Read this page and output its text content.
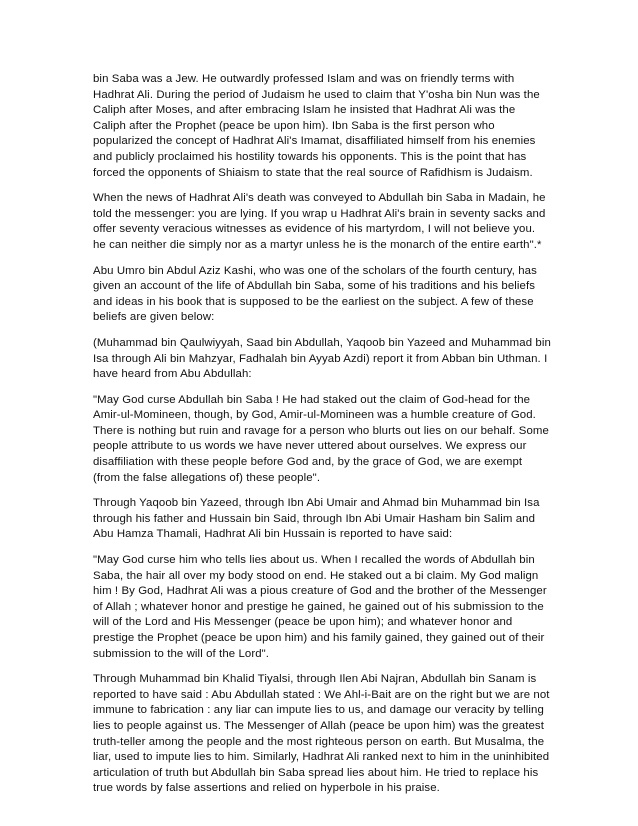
bin Saba was a Jew. He outwardly professed Islam and was on friendly terms with Hadhrat Ali. During the period of Judaism he used to claim that Y'osha bin Nun was the Caliph after Moses, and after embracing Islam he insisted that Hadhrat Ali was the Caliph after the Prophet (peace be upon him). Ibn Saba is the first person who popularized the concept of Hadhrat Ali's Imamat, disaffiliated himself from his enemies and publicly proclaimed his hostility towards his opponents. This is the point that has forced the opponents of Shiaism to state that the real source of Rafidhism is Judaism.

When the news of Hadhrat Ali's death was conveyed to Abdullah bin Saba in Madain, he told the messenger: you are lying. If you wrap u Hadhrat Ali's brain in seventy sacks and offer seventy veracious witnesses as evidence of his martyrdom, I will not believe you. he can neither die simply nor as a martyr unless he is the monarch of the entire earth".*

Abu Umro bin Abdul Aziz Kashi, who was one of the scholars of the fourth century, has given an account of the life of Abdullah bin Saba, some of his traditions and his beliefs and ideas in his book that is supposed to be the earliest on the subject. A few of these beliefs are given below:

(Muhammad bin Qaulwiyyah, Saad bin Abdullah, Yaqoob bin Yazeed and Muhammad bin Isa through Ali bin Mahzyar, Fadhalah bin Ayyab Azdi) report it from Abban bin Uthman. I have heard from Abu Abdullah:

"May God curse Abdullah bin Saba ! He had staked out the claim of God-head for the Amir-ul-Momineen, though, by God, Amir-ul-Momineen was a humble creature of God. There is nothing but ruin and ravage for a person who blurts out lies on our behalf. Some people attribute to us words we have never uttered about ourselves. We express our disaffiliation with these people before God and, by the grace of God, we are exempt (from the false allegations of) these people".

Through Yaqoob bin Yazeed, through Ibn Abi Umair and Ahmad bin Muhammad bin Isa through his father and Hussain bin Said, through Ibn Abi Umair Hasham bin Salim and Abu Hamza Thamali, Hadhrat Ali bin Hussain is reported to have said:

"May God curse him who tells lies about us. When I recalled the words of Abdullah bin Saba, the hair all over my body stood on end. He staked out a bi claim. My God malign him ! By God, Hadhrat Ali was a pious creature of God and the brother of the Messenger of Allah ; whatever honor and prestige he gained, he gained out of his submission to the will of the Lord and His Messenger (peace be upon him); and whatever honor and prestige the Prophet (peace be upon him) and his family gained, they gained out of their submission to the will of the Lord".

Through Muhammad bin Khalid Tiyalsi, through Ilen Abi Najran, Abdullah bin Sanam is reported to have said : Abu Abdullah stated : We Ahl-i-Bait are on the right but we are not immune to fabrication : any liar can impute lies to us, and damage our veracity by telling lies to people against us. The Messenger of Allah (peace be upon him) was the greatest truth-teller among the people and the most righteous person on earth. But Musalma, the liar, used to impute lies to him. Similarly, Hadhrat Ali ranked next to him in the uninhibited articulation of truth but Abdullah bin Saba spread lies about him. He tried to replace his true words by false assertions and relied on hyperbole in his praise.
